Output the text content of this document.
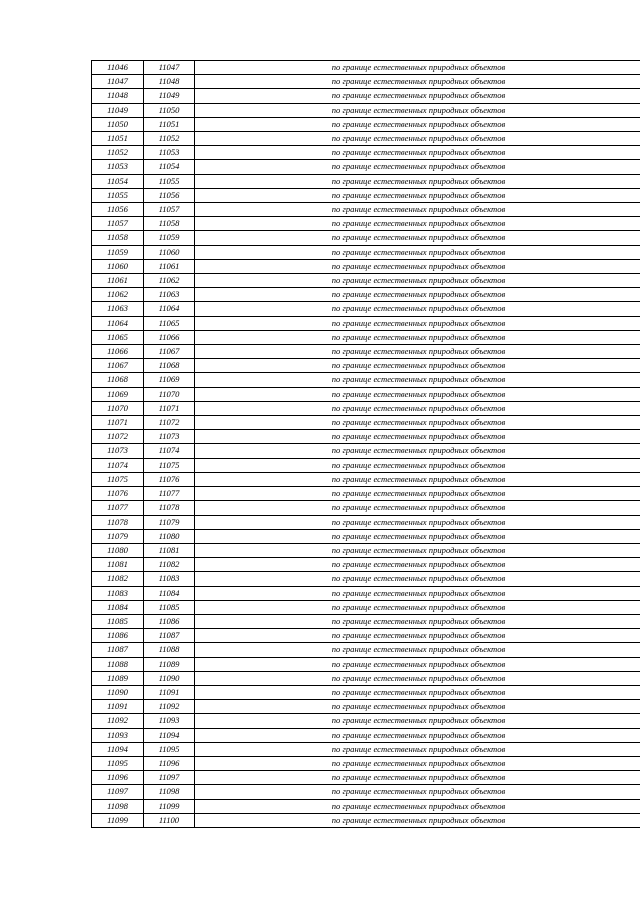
11046	11047	по границе естественных природных объектов
11047	11048	по границе естественных природных объектов
11048	11049	по границе естественных природных объектов
11049	11050	по границе естественных природных объектов
11050	11051	по границе естественных природных объектов
11051	11052	по границе естественных природных объектов
11052	11053	по границе естественных природных объектов
11053	11054	по границе естественных природных объектов
11054	11055	по границе естественных природных объектов
11055	11056	по границе естественных природных объектов
11056	11057	по границе естественных природных объектов
11057	11058	по границе естественных природных объектов
11058	11059	по границе естественных природных объектов
11059	11060	по границе естественных природных объектов
11060	11061	по границе естественных природных объектов
11061	11062	по границе естественных природных объектов
11062	11063	по границе естественных природных объектов
11063	11064	по границе естественных природных объектов
11064	11065	по границе естественных природных объектов
11065	11066	по границе естественных природных объектов
11066	11067	по границе естественных природных объектов
11067	11068	по границе естественных природных объектов
11068	11069	по границе естественных природных объектов
11069	11070	по границе естественных природных объектов
11070	11071	по границе естественных природных объектов
11071	11072	по границе естественных природных объектов
11072	11073	по границе естественных природных объектов
11073	11074	по границе естественных природных объектов
11074	11075	по границе естественных природных объектов
11075	11076	по границе естественных природных объектов
11076	11077	по границе естественных природных объектов
11077	11078	по границе естественных природных объектов
11078	11079	по границе естественных природных объектов
11079	11080	по границе естественных природных объектов
11080	11081	по границе естественных природных объектов
11081	11082	по границе естественных природных объектов
11082	11083	по границе естественных природных объектов
11083	11084	по границе естественных природных объектов
11084	11085	по границе естественных природных объектов
11085	11086	по границе естественных природных объектов
11086	11087	по границе естественных природных объектов
11087	11088	по границе естественных природных объектов
11088	11089	по границе естественных природных объектов
11089	11090	по границе естественных природных объектов
11090	11091	по границе естественных природных объектов
11091	11092	по границе естественных природных объектов
11092	11093	по границе естественных природных объектов
11093	11094	по границе естественных природных объектов
11094	11095	по границе естественных природных объектов
11095	11096	по границе естественных природных объектов
11096	11097	по границе естественных природных объектов
11097	11098	по границе естественных природных объектов
11098	11099	по границе естественных природных объектов
11099	11100	по границе естественных природных объектов
